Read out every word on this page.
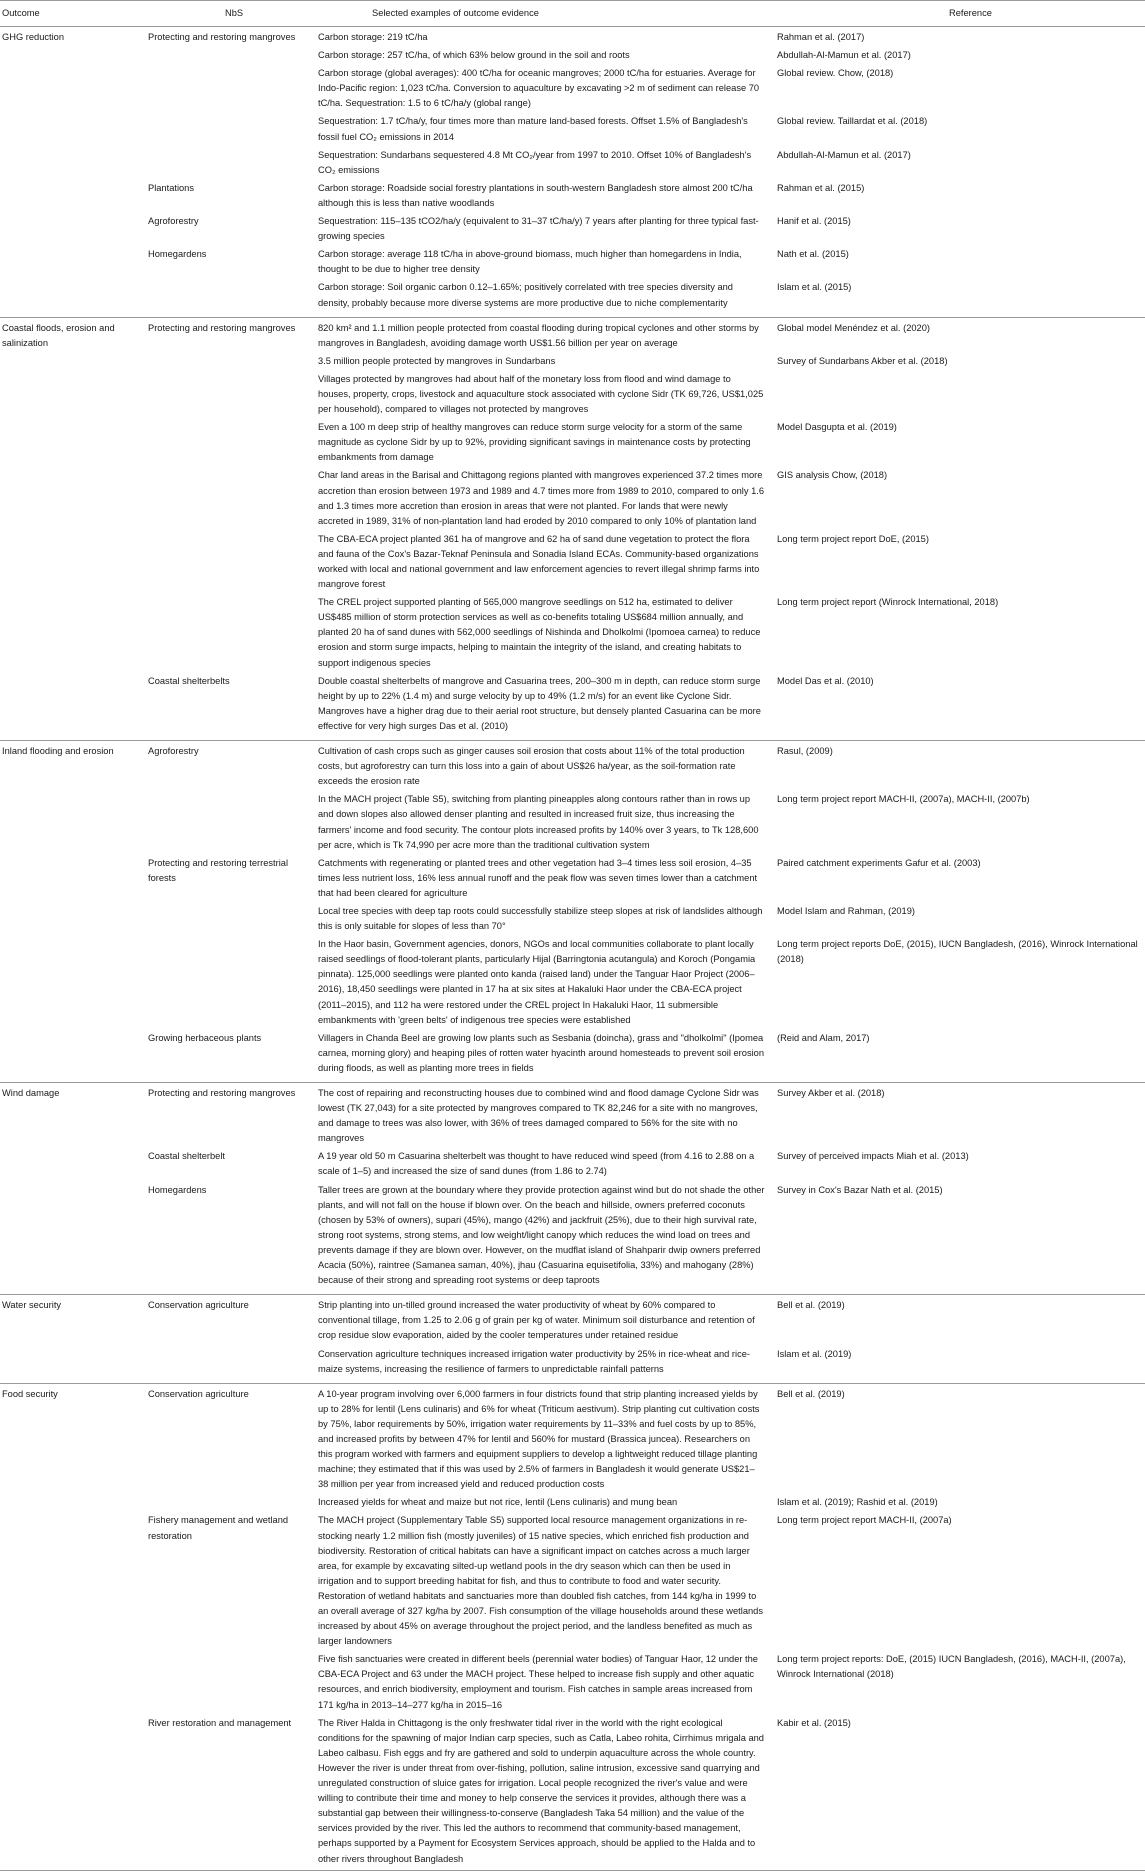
Outcome	NbS	Selected examples of outcome evidence	Reference
GHG reduction	Protecting and restoring mangroves	Carbon storage: 219 tC/ha	Rahman et al. (2017)
		Carbon storage: 257 tC/ha, of which 63% below ground in the soil and roots	Abdullah-Al-Mamun et al. (2017)
		Carbon storage (global averages): 400 tC/ha for oceanic mangroves; 2000 tC/ha for estuaries. Average for Indo-Pacific region: 1,023 tC/ha. Conversion to aquaculture by excavating >2 m of sediment can release 70 tC/ha. Sequestration: 1.5 to 6 tC/ha/y (global range)	Global review. Chow, (2018)
		Sequestration: 1.7 tC/ha/y, four times more than mature land-based forests. Offset 1.5% of Bangladesh's fossil fuel CO₂ emissions in 2014	Global review. Taillardat et al. (2018)
		Sequestration: Sundarbans sequestered 4.8 Mt CO₂/year from 1997 to 2010. Offset 10% of Bangladesh's CO₂ emissions	Abdullah-Al-Mamun et al. (2017)
	Plantations	Carbon storage: Roadside social forestry plantations in south-western Bangladesh store almost 200 tC/ha although this is less than native woodlands	Rahman et al. (2015)
	Agroforestry	Sequestration: 115–135 tCO2/ha/y (equivalent to 31–37 tC/ha/y) 7 years after planting for three typical fast-growing species	Hanif et al. (2015)
	Homegardens	Carbon storage: average 118 tC/ha in above-ground biomass, much higher than homegardens in India, thought to be due to higher tree density	Nath et al. (2015)
		Carbon storage: Soil organic carbon 0.12–1.65%; positively correlated with tree species diversity and density, probably because more diverse systems are more productive due to niche complementarity	Islam et al. (2015)
Coastal floods, erosion and salinization	Protecting and restoring mangroves	820 km² and 1.1 million people protected from coastal flooding during tropical cyclones and other storms by mangroves in Bangladesh, avoiding damage worth US$1.56 billion per year on average	Global model Menéndez et al. (2020)
		3.5 million people protected by mangroves in Sundarbans	Survey of Sundarbans Akber et al. (2018)
		Villages protected by mangroves had about half of the monetary loss from flood and wind damage to houses, property, crops, livestock and aquaculture stock associated with cyclone Sidr (TK 69,726, US$1,025 per household), compared to villages not protected by mangroves	
		Even a 100 m deep strip of healthy mangroves can reduce storm surge velocity for a storm of the same magnitude as cyclone Sidr by up to 92%, providing significant savings in maintenance costs by protecting embankments from damage	Model Dasgupta et al. (2019)
		Char land areas in the Barisal and Chittagong regions planted with mangroves experienced 37.2 times more accretion than erosion between 1973 and 1989 and 4.7 times more from 1989 to 2010, compared to only 1.6 and 1.3 times more accretion than erosion in areas that were not planted. For lands that were newly accreted in 1989, 31% of non-plantation land had eroded by 2010 compared to only 10% of plantation land	GIS analysis Chow, (2018)
		The CBA-ECA project planted 361 ha of mangrove and 62 ha of sand dune vegetation to protect the flora and fauna of the Cox's Bazar-Teknaf Peninsula and Sonadia Island ECAs. Community-based organizations worked with local and national government and law enforcement agencies to revert illegal shrimp farms into mangrove forest	Long term project report DoE, (2015)
		The CREL project supported planting of 565,000 mangrove seedlings on 512 ha, estimated to deliver US$485 million of storm protection services as well as co-benefits totaling US$684 million annually, and planted 20 ha of sand dunes with 562,000 seedlings of Nishinda and Dholkolmi (Ipomoea carnea) to reduce erosion and storm surge impacts, helping to maintain the integrity of the island, and creating habitats to support indigenous species	Long term project report (Winrock International, 2018)
	Coastal shelterbelts	Double coastal shelterbelts of mangrove and Casuarina trees, 200–300 m in depth, can reduce storm surge height by up to 22% (1.4 m) and surge velocity by up to 49% (1.2 m/s) for an event like Cyclone Sidr. Mangroves have a higher drag due to their aerial root structure, but densely planted Casuarina can be more effective for very high surges Das et al. (2010)	Model Das et al. (2010)
Inland flooding and erosion	Agroforestry	Cultivation of cash crops such as ginger causes soil erosion that costs about 11% of the total production costs, but agroforestry can turn this loss into a gain of about US$26 ha/year, as the soil-formation rate exceeds the erosion rate	Rasul, (2009)
		In the MACH project (Table S5), switching from planting pineapples along contours rather than in rows up and down slopes also allowed denser planting and resulted in increased fruit size, thus increasing the farmers' income and food security. The contour plots increased profits by 140% over 3 years, to Tk 128,600 per acre, which is Tk 74,990 per acre more than the traditional cultivation system	Long term project report MACH-II, (2007a), MACH-II, (2007b)
	Protecting and restoring terrestrial forests	Catchments with regenerating or planted trees and other vegetation had 3–4 times less soil erosion, 4–35 times less nutrient loss, 16% less annual runoff and the peak flow was seven times lower than a catchment that had been cleared for agriculture	Paired catchment experiments Gafur et al. (2003)
		Local tree species with deep tap roots could successfully stabilize steep slopes at risk of landslides although this is only suitable for slopes of less than 70°	Model Islam and Rahman, (2019)
		In the Haor basin, Government agencies, donors, NGOs and local communities collaborate to plant locally raised seedlings of flood-tolerant plants, particularly Hijal (Barringtonia acutangula) and Koroch (Pongamia pinnata). 125,000 seedlings were planted onto kanda (raised land) under the Tanguar Haor Project (2006–2016), 18,450 seedlings were planted in 17 ha at six sites at Hakaluki Haor under the CBA-ECA project (2011–2015), and 112 ha were restored under the CREL project In Hakaluki Haor, 11 submersible embankments with 'green belts' of indigenous tree species were established	Long term project reports DoE, (2015), IUCN Bangladesh, (2016), Winrock International (2018)
	Growing herbaceous plants	Villagers in Chanda Beel are growing low plants such as Sesbania (doincha), grass and "dholkolmi" (Ipomea carnea, morning glory) and heaping piles of rotten water hyacinth around homesteads to prevent soil erosion during floods, as well as planting more trees in fields	(Reid and Alam, 2017)
Wind damage	Protecting and restoring mangroves	The cost of repairing and reconstructing houses due to combined wind and flood damage Cyclone Sidr was lowest (TK 27,043) for a site protected by mangroves compared to TK 82,246 for a site with no mangroves, and damage to trees was also lower, with 36% of trees damaged compared to 56% for the site with no mangroves	Survey Akber et al. (2018)
	Coastal shelterbelt	A 19 year old 50 m Casuarina shelterbelt was thought to have reduced wind speed (from 4.16 to 2.88 on a scale of 1–5) and increased the size of sand dunes (from 1.86 to 2.74)	Survey of perceived impacts Miah et al. (2013)
	Homegardens	Taller trees are grown at the boundary where they provide protection against wind but do not shade the other plants, and will not fall on the house if blown over. On the beach and hillside, owners preferred coconuts (chosen by 53% of owners), supari (45%), mango (42%) and jackfruit (25%), due to their high survival rate, strong root systems, strong stems, and low weight/light canopy which reduces the wind load on trees and prevents damage if they are blown over. However, on the mudflat island of Shahparir dwip owners preferred Acacia (50%), raintree (Samanea saman, 40%), jhau (Casuarina equisetifolia, 33%) and mahogany (28%) because of their strong and spreading root systems or deep taproots	Survey in Cox's Bazar Nath et al. (2015)
Water security	Conservation agriculture	Strip planting into un-tilled ground increased the water productivity of wheat by 60% compared to conventional tillage, from 1.25 to 2.06 g of grain per kg of water. Minimum soil disturbance and retention of crop residue slow evaporation, aided by the cooler temperatures under retained residue	Bell et al. (2019)
		Conservation agriculture techniques increased irrigation water productivity by 25% in rice-wheat and rice-maize systems, increasing the resilience of farmers to unpredictable rainfall patterns	Islam et al. (2019)
Food security	Conservation agriculture	A 10-year program involving over 6,000 farmers in four districts found that strip planting increased yields by up to 28% for lentil (Lens culinaris) and 6% for wheat (Triticum aestivum). Strip planting cut cultivation costs by 75%, labor requirements by 50%, irrigation water requirements by 11–33% and fuel costs by up to 85%, and increased profits by between 47% for lentil and 560% for mustard (Brassica juncea). Researchers on this program worked with farmers and equipment suppliers to develop a lightweight reduced tillage planting machine; they estimated that if this was used by 2.5% of farmers in Bangladesh it would generate US$21–38 million per year from increased yield and reduced production costs	Bell et al. (2019)
		Increased yields for wheat and maize but not rice, lentil (Lens culinaris) and mung bean	Islam et al. (2019); Rashid et al. (2019)
	Fishery management and wetland restoration	The MACH project (Supplementary Table S5) supported local resource management organizations in re-stocking nearly 1.2 million fish (mostly juveniles) of 15 native species, which enriched fish production and biodiversity. Restoration of critical habitats can have a significant impact on catches across a much larger area, for example by excavating silted-up wetland pools in the dry season which can then be used in irrigation and to support breeding habitat for fish, and thus to contribute to food and water security. Restoration of wetland habitats and sanctuaries more than doubled fish catches, from 144 kg/ha in 1999 to an overall average of 327 kg/ha by 2007. Fish consumption of the village households around these wetlands increased by about 45% on average throughout the project period, and the landless benefited as much as larger landowners	Long term project report MACH-II, (2007a)
		Five fish sanctuaries were created in different beels (perennial water bodies) of Tanguar Haor, 12 under the CBA-ECA Project and 63 under the MACH project. These helped to increase fish supply and other aquatic resources, and enrich biodiversity, employment and tourism. Fish catches in sample areas increased from 171 kg/ha in 2013–14–277 kg/ha in 2015–16	Long term project reports: DoE, (2015) IUCN Bangladesh, (2016), MACH-II, (2007a), Winrock International (2018)
	River restoration and management	The River Halda in Chittagong is the only freshwater tidal river in the world with the right ecological conditions for the spawning of major Indian carp species, such as Catla, Labeo rohita, Cirrhimus mrigala and Labeo calbasu. Fish eggs and fry are gathered and sold to underpin aquaculture across the whole country. However the river is under threat from over-fishing, pollution, saline intrusion, excessive sand quarrying and unregulated construction of sluice gates for irrigation. Local people recognized the river's value and were willing to contribute their time and money to help conserve the services it provides, although there was a substantial gap between their willingness-to-conserve (Bangladesh Taka 54 million) and the value of the services provided by the river. This led the authors to recommend that community-based management, perhaps supported by a Payment for Ecosystem Services approach, should be applied to the Halda and to other rivers throughout Bangladesh	Kabir et al. (2015)
